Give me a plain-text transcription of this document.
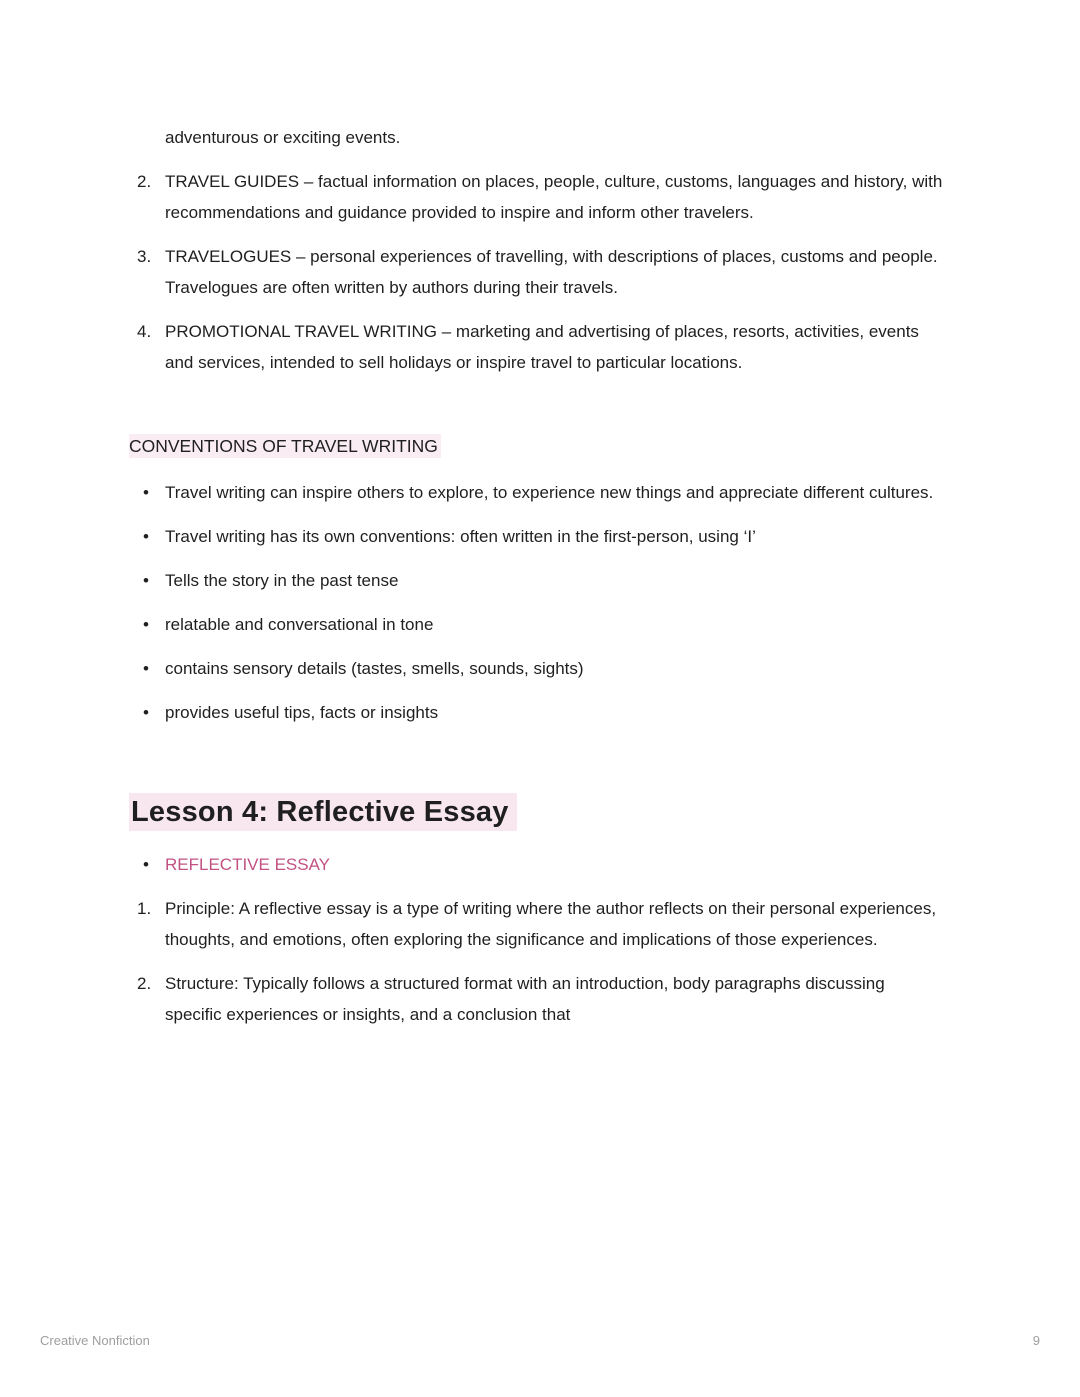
adventurous or exciting events.

2. TRAVEL GUIDES – factual information on places, people, culture, customs, languages and history, with recommendations and guidance provided to inspire and inform other travelers.
3. TRAVELOGUES – personal experiences of travelling, with descriptions of places, customs and people. Travelogues are often written by authors during their travels.
4. PROMOTIONAL TRAVEL WRITING – marketing and advertising of places, resorts, activities, events and services, intended to sell holidays or inspire travel to particular locations.
CONVENTIONS OF TRAVEL WRITING
• Travel writing can inspire others to explore, to experience new things and appreciate different cultures.
• Travel writing has its own conventions: often written in the first-person, using ‘I’
• Tells the story in the past tense
• relatable and conversational in tone
• contains sensory details (tastes, smells, sounds, sights)
• provides useful tips, facts or insights
Lesson 4: Reflective Essay
• REFLECTIVE ESSAY
1. Principle: A reflective essay is a type of writing where the author reflects on their personal experiences, thoughts, and emotions, often exploring the significance and implications of those experiences.
2. Structure: Typically follows a structured format with an introduction, body paragraphs discussing specific experiences or insights, and a conclusion that
Creative Nonfiction	9
